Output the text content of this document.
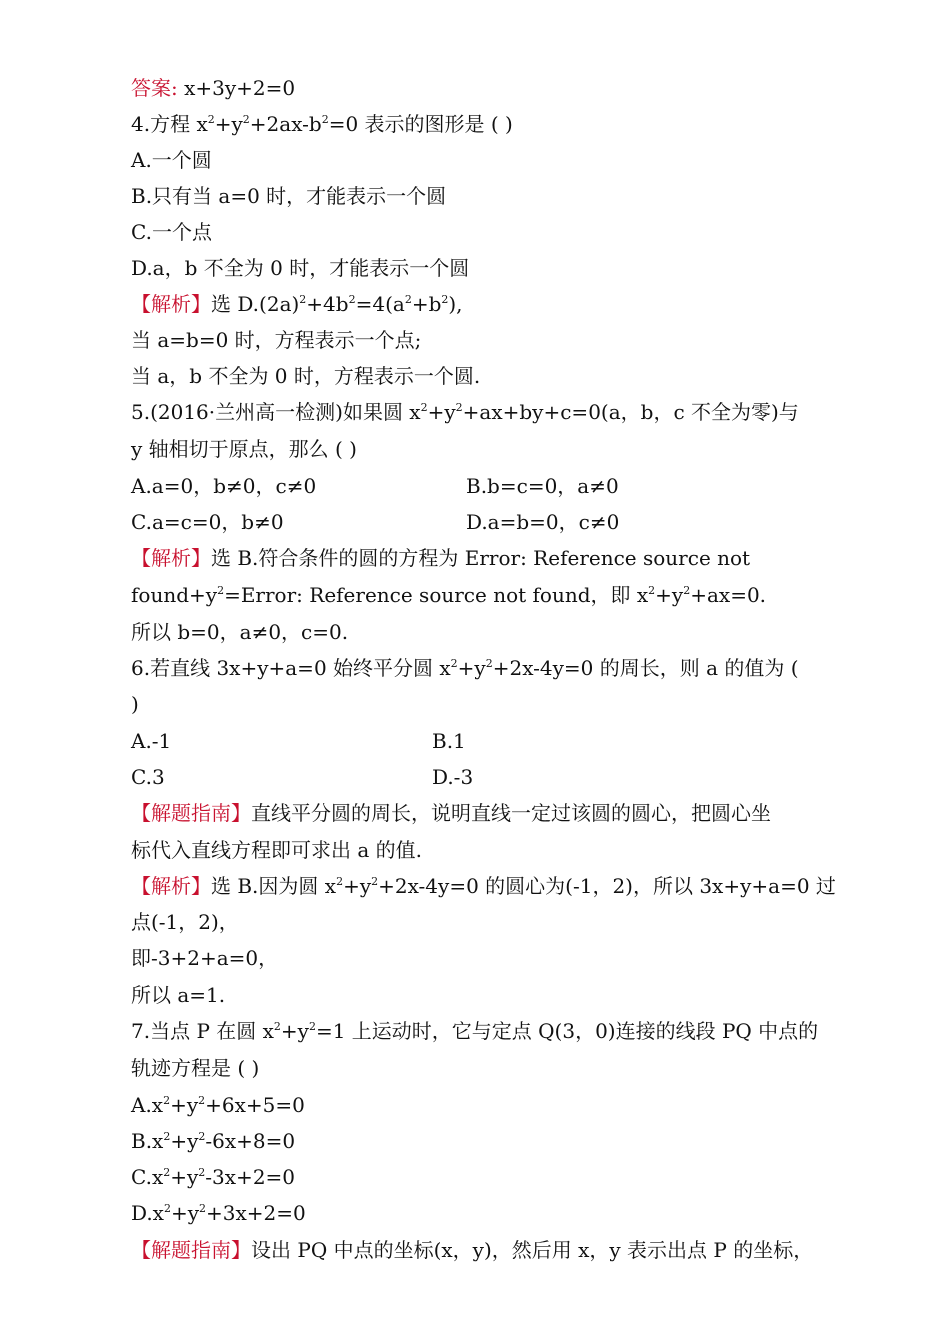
答案: x+3y+2=0
4.方程 $x^2+y^2+2ax-b^2=0$ 表示的图形是 ( )
A.一个圆
B.只有当 a=0 时，才能表示一个圆
C.一个点
D.a，b 不全为 0 时，才能表示一个圆
【解析】选 $D.(2a)^2+4b^2=4(a^2+b^2)$,
当 a=b=0 时，方程表示一个点;
当 a，b 不全为 0 时，方程表示一个圆.
5.(2016·兰州高一检测)如果圆 $x^2+y^2+ax+by+c=0(a$，b，c 不全为零)与
y 轴相切于原点，那么 ( )
A.a=0，b≠0，c≠0	B.b=c=0，a≠0
C.a=c=0，b≠0	D.a=b=0，c≠0
【解析】选 B.符合条件的圆的方程为 Error: Reference source not
$found+y^2=Error$: Reference source not found，即 $x^2+y^2+ax=0$.
所以 b=0，a≠0，c=0.
6.若直线 3x+y+a=0 始终平分圆 $x^2+y^2+2x-4y=0$ 的周长，则 a 的值为 (
)
A.-1	B.1
C.3	D.-3
【解题指南】直线平分圆的周长，说明直线一定过该圆的圆心，把圆心坐
标代入直线方程即可求出 a 的值.
【解析】选 B.因为圆 $x^2+y^2+2x-4y=0$ 的圆心为(-1，2)，所以 3x+y+a=0 过
点(-1，2)，
即-3+2+a=0，
所以 a=1.
7.当点 P 在圆 $x^2+y^2=1$ 上运动时，它与定点 Q(3，0)连接的线段 PQ 中点的
轨迹方程是 ( )
$A.x^2+y^2+6x+5=0$
$B.x^2+y^2-6x+8=0$
$C.x^2+y^2-3x+2=0$
$D.x^2+y^2+3x+2=0$
【解题指南】设出 PQ 中点的坐标(x，y)，然后用 x，y 表示出点 P 的坐标，
